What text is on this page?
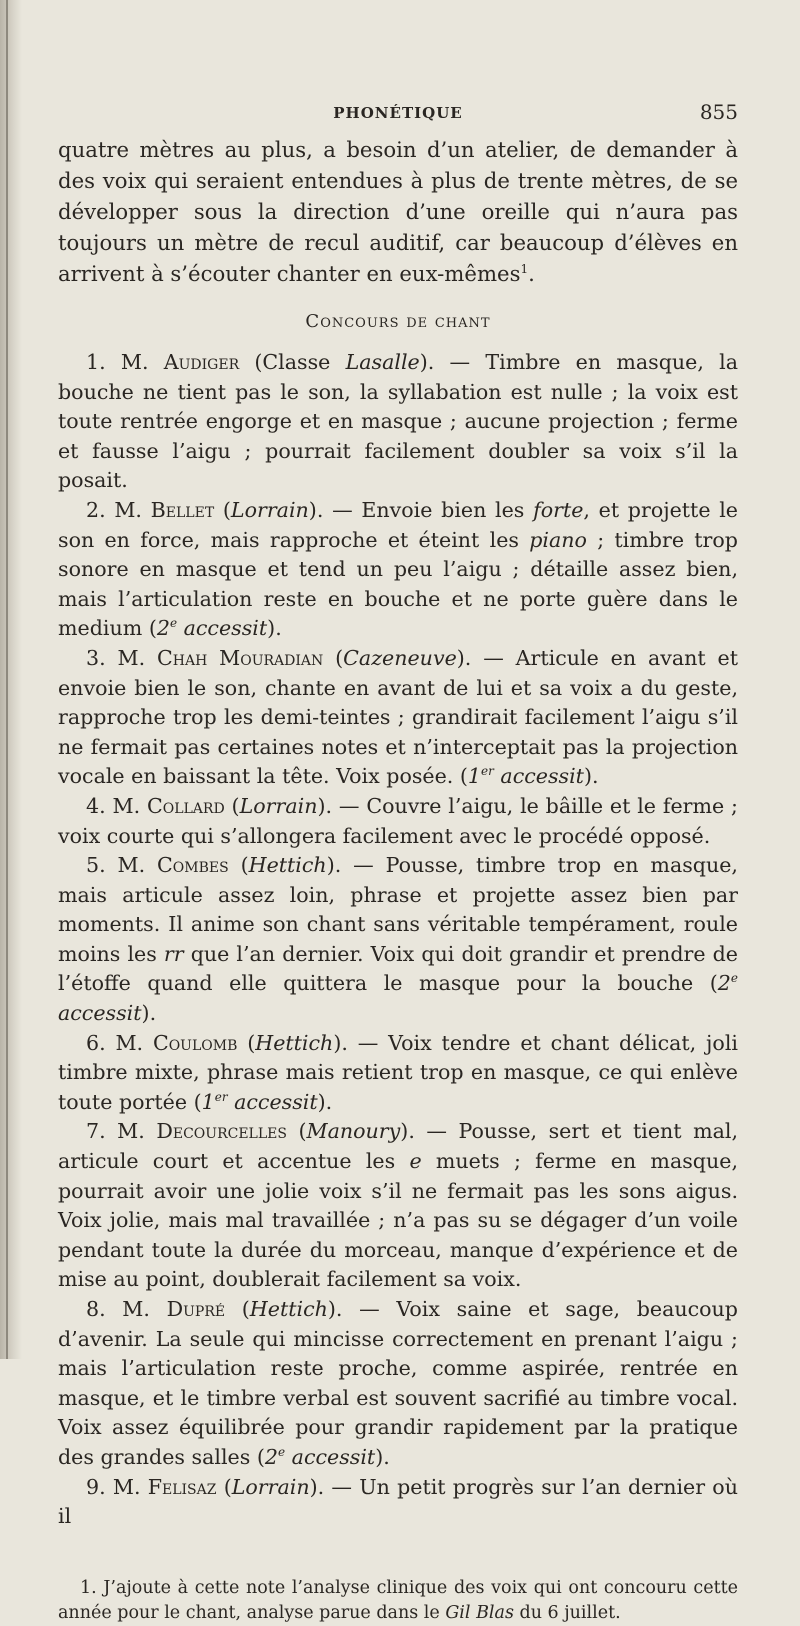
PHONÉTIQUE	855

quatre mètres au plus, a besoin d’un atelier, de demander à des voix qui seraient entendues à plus de trente mètres, de se développer sous la direction d’une oreille qui n’aura pas toujours un mètre de recul auditif, car beaucoup d’élèves en arrivent à s’écouter chanter en eux-mêmes$^1$.

Concours de chant

1. M. Audiger (Classe Lasalle). — Timbre en masque, la bouche ne tient pas le son, la syllabation est nulle ; la voix est toute rentrée engorge et en masque ; aucune projection ; ferme et fausse l’aigu ; pourrait facilement doubler sa voix s’il la posait.

2. M. Bellet (Lorrain). — Envoie bien les forte, et projette le son en force, mais rapproche et éteint les piano ; timbre trop sonore en masque et tend un peu l’aigu ; détaille assez bien, mais l’articulation reste en bouche et ne porte guère dans le medium (2e accessit).

3. M. Chah Mouradian (Cazeneuve). — Articule en avant et envoie bien le son, chante en avant de lui et sa voix a du geste, rapproche trop les demi-teintes ; grandirait facilement l’aigu s’il ne fermait pas certaines notes et n’interceptait pas la projection vocale en baissant la tête. Voix posée. (1er accessit).

4. M. Collard (Lorrain). — Couvre l’aigu, le bâille et le ferme ; voix courte qui s’allongera facilement avec le procédé opposé.

5. M. Combes (Hettich). — Pousse, timbre trop en masque, mais articule assez loin, phrase et projette assez bien par moments. Il anime son chant sans véritable tempérament, roule moins les rr que l’an dernier. Voix qui doit grandir et prendre de l’étoffe quand elle quittera le masque pour la bouche (2e accessit).

6. M. Coulomb (Hettich). — Voix tendre et chant délicat, joli timbre mixte, phrase mais retient trop en masque, ce qui enlève toute portée (1er accessit).

7. M. Decourcelles (Manoury). — Pousse, sert et tient mal, articule court et accentue les e muets ; ferme en masque, pourrait avoir une jolie voix s’il ne fermait pas les sons aigus. Voix jolie, mais mal travaillée ; n’a pas su se dégager d’un voile pendant toute la durée du morceau, manque d’expérience et de mise au point, doublerait facilement sa voix.

8. M. Dupré (Hettich). — Voix saine et sage, beaucoup d’avenir. La seule qui mincisse correctement en prenant l’aigu ; mais l’articulation reste proche, comme aspirée, rentrée en masque, et le timbre verbal est souvent sacrifié au timbre vocal. Voix assez équilibrée pour grandir rapidement par la pratique des grandes salles (2e accessit).

9. M. Felisaz (Lorrain). — Un petit progrès sur l’an dernier où il

1. J’ajoute à cette note l’analyse clinique des voix qui ont concouru cette année pour le chant, analyse parue dans le Gil Blas du 6 juillet.
